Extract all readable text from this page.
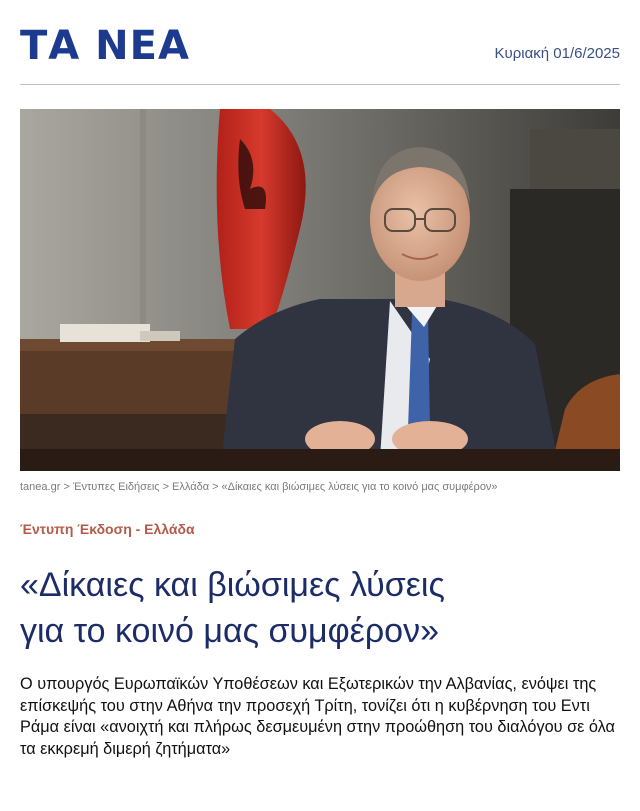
ΤΑ ΝΕΑ	Κυριακή 01/6/2025
tanea.gr > Έντυπες Ειδήσεις > Ελλάδα > «Δίκαιες και βιώσιμες λύσεις για το κοινό μας συμφέρον»
Έντυπη Έκδοση - Ελλάδα
«Δίκαιες και βιώσιμες λύσεις
για το κοινό μας συμφέρον»

Ο υπουργός Ευρωπαϊκών Υποθέσεων και Εξωτερικών την Αλβανίας, ενόψει της επίσκεψής του στην Αθήνα την προσεχή Τρίτη, τονίζει ότι η κυβέρνηση του Εντι Ράμα είναι «ανοιχτή και πλήρως δεσμευμένη στην προώθηση του διαλόγου σε όλα τα εκκρεμή διμερή ζητήματα»
